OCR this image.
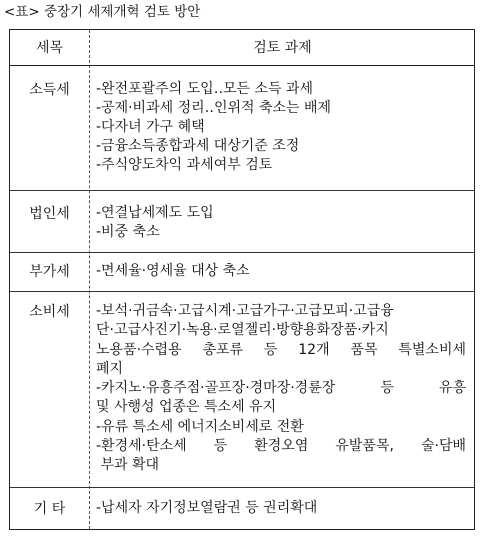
<표> 중장기 세제개혁 검토 방안
세목	검토 과제
소득세	-완전포괄주의 도입‥모든 소득 과세
-공제·비과세 정리‥인위적 축소는 배제
-다자녀 가구 혜택
-금융소득종합과세 대상기준 조정
-주식양도차익 과세여부 검토
법인세	-연결납세제도 도입
-비중 축소
부가세	-면세율·영세율 대상 축소
소비세	-보석·귀금속·고급시계·고급가구·고급모피·고급융
단·고급사진기·녹용·로열젤리·방향용화장품·카지
노용품·수렵용 총포류 등 12개 품목 특별소비세
폐지
-카지노·유흥주점·골프장·경마장·경륜장 등 유흥
및 사행성 업종은 특소세 유지
-유류 특소세 에너지소비세로 전환
-환경세·탄소세 등 환경오염 유발품목, 술·담배
부과 확대
기 타	-납세자 자기정보열람권 등 권리확대
